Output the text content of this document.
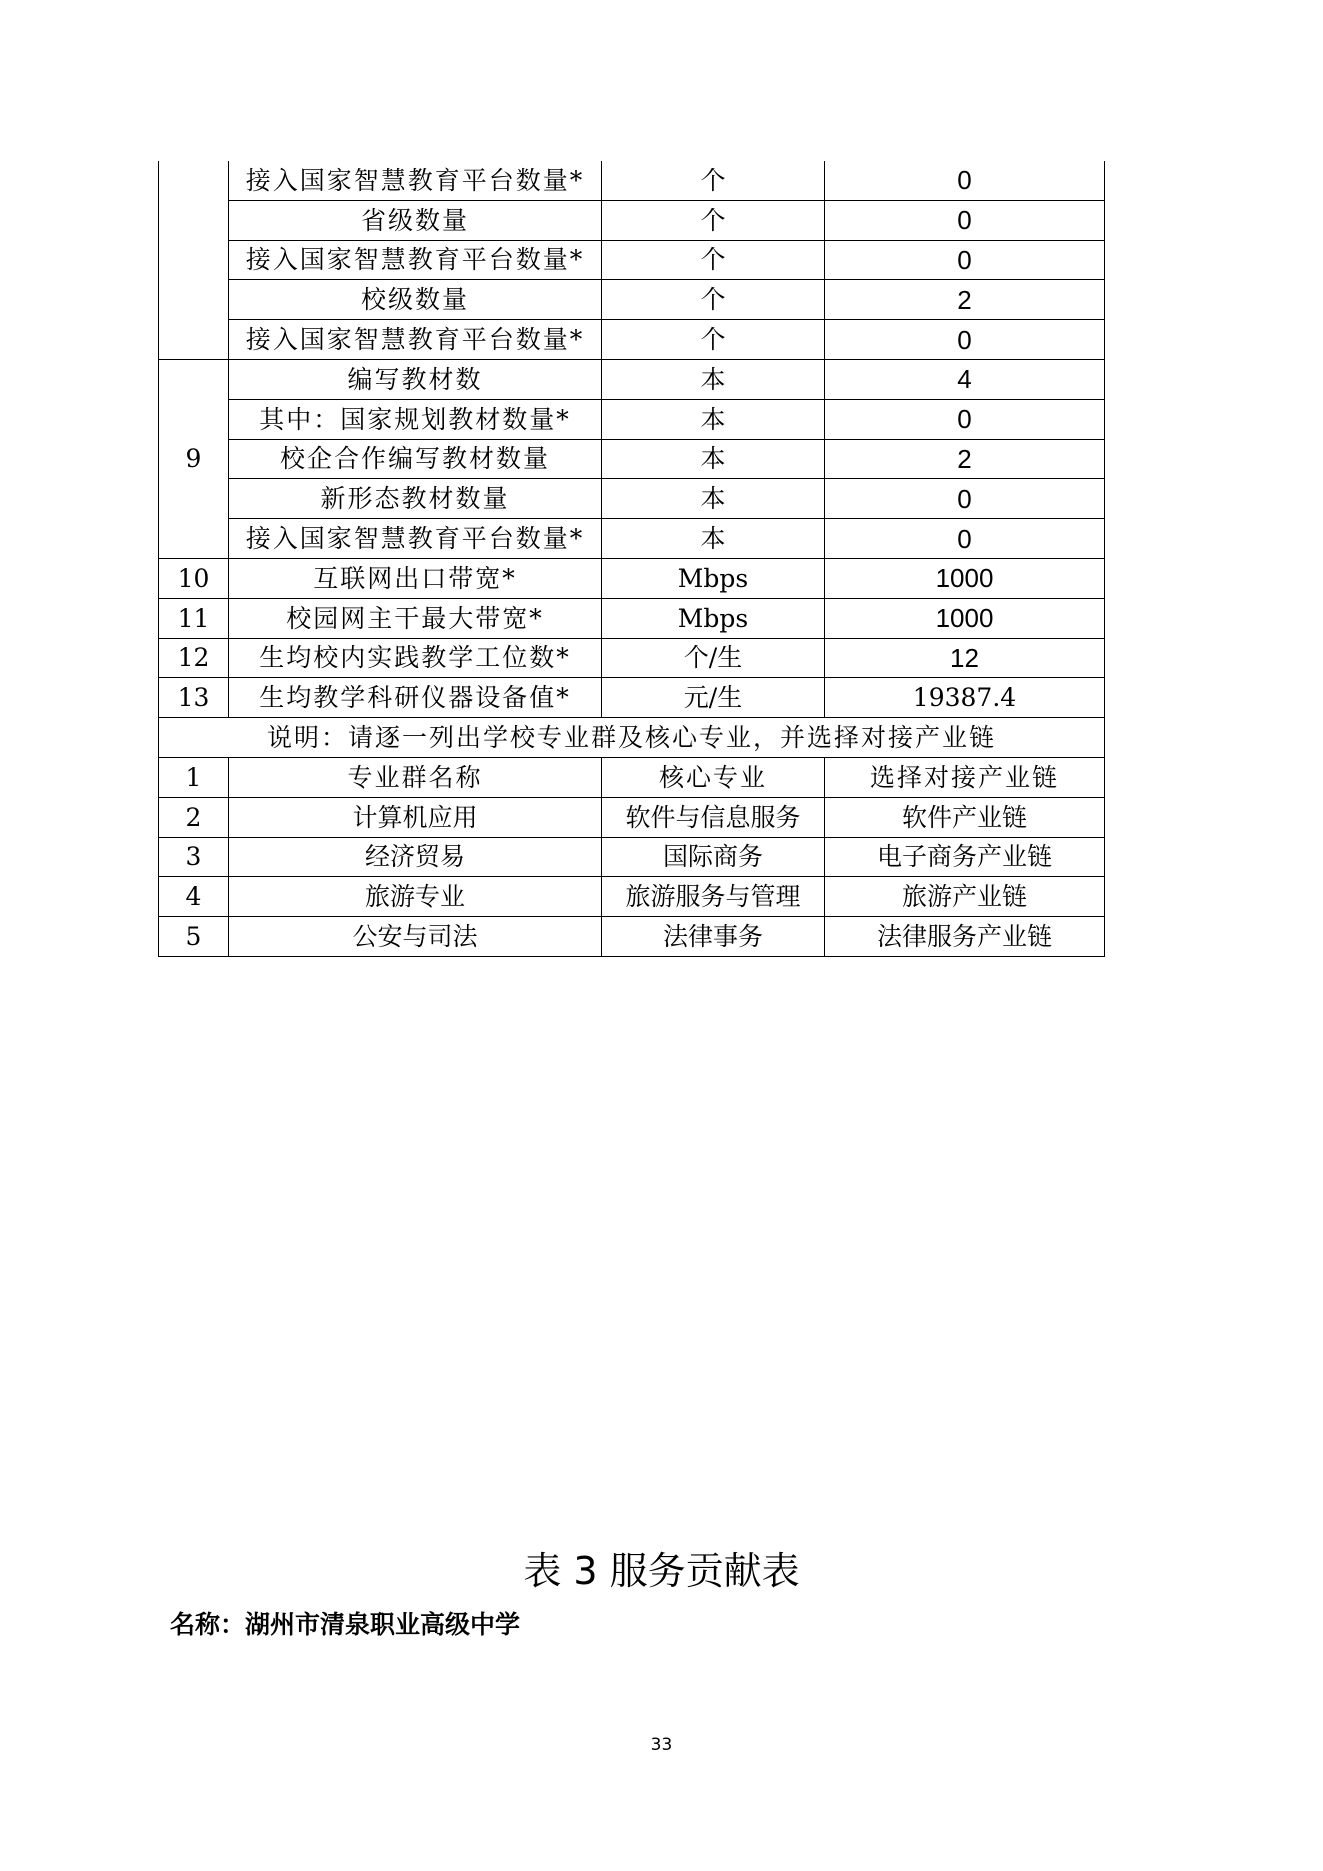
	接入国家智慧教育平台数量*	个	0
	省级数量	个	0
	接入国家智慧教育平台数量*	个	0
	校级数量	个	2
	接入国家智慧教育平台数量*	个	0
9	编写教材数	本	4
	其中：国家规划教材数量*	本	0
	校企合作编写教材数量	本	2
	新形态教材数量	本	0
	接入国家智慧教育平台数量*	本	0
10	互联网出口带宽*	Mbps	1000
11	校园网主干最大带宽*	Mbps	1000
12	生均校内实践教学工位数*	个/生	12
13	生均教学科研仪器设备值*	元/生	19387.4
说明：请逐一列出学校专业群及核心专业，并选择对接产业链			
1	专业群名称	核心专业	选择对接产业链
2	计算机应用	软件与信息服务	软件产业链
3	经济贸易	国际商务	电子商务产业链
4	旅游专业	旅游服务与管理	旅游产业链
5	公安与司法	法律事务	法律服务产业链
表 3 服务贡献表

名称：湖州市清泉职业高级中学

33
